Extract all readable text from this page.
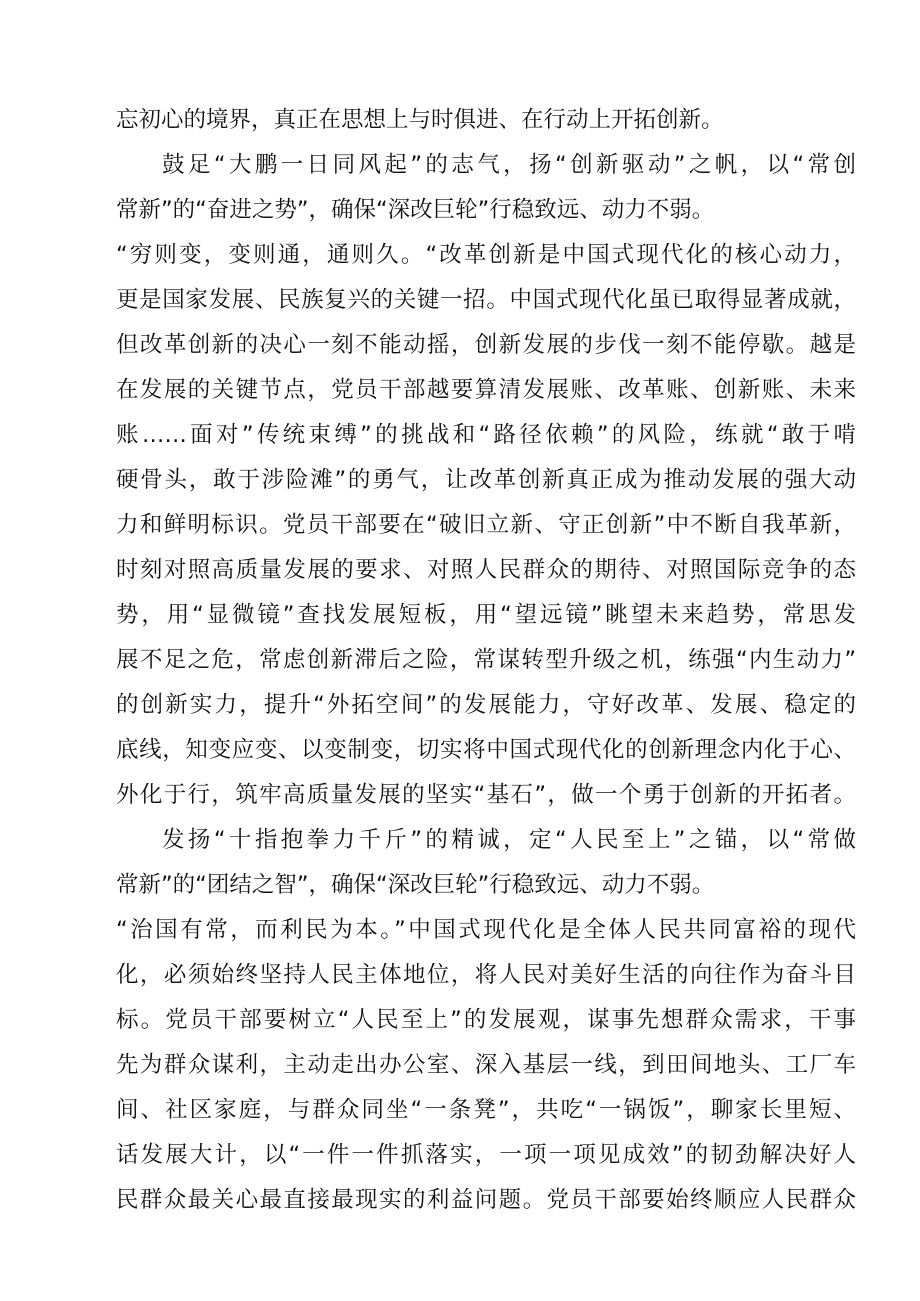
忘初心的境界，真正在思想上与时俱进、在行动上开拓创新。
鼓足“大鹏一日同风起”的志气，扬“创新驱动”之帆，以“常创
常新”的“奋进之势”，确保“深改巨轮”行稳致远、动力不弱。
“穷则变，变则通，通则久。“改革创新是中国式现代化的核心动力，
更是国家发展、民族复兴的关键一招。中国式现代化虽已取得显著成就，
但改革创新的决心一刻不能动摇，创新发展的步伐一刻不能停歇。越是
在发展的关键节点，党员干部越要算清发展账、改革账、创新账、未来
账……面对”传统束缚”的挑战和“路径依赖”的风险，练就“敢于啃
硬骨头，敢于涉险滩”的勇气，让改革创新真正成为推动发展的强大动
力和鲜明标识。党员干部要在“破旧立新、守正创新”中不断自我革新，
时刻对照高质量发展的要求、对照人民群众的期待、对照国际竞争的态
势，用“显微镜”查找发展短板，用“望远镜”眺望未来趋势，常思发
展不足之危，常虑创新滞后之险，常谋转型升级之机，练强“内生动力”
的创新实力，提升“外拓空间”的发展能力，守好改革、发展、稳定的
底线，知变应变、以变制变，切实将中国式现代化的创新理念内化于心、
外化于行，筑牢高质量发展的坚实“基石”，做一个勇于创新的开拓者。
发扬“十指抱拳力千斤”的精诚，定“人民至上”之锚，以“常做
常新”的“团结之智”，确保“深改巨轮”行稳致远、动力不弱。
“治国有常，而利民为本。”中国式现代化是全体人民共同富裕的现代
化，必须始终坚持人民主体地位，将人民对美好生活的向往作为奋斗目
标。党员干部要树立“人民至上”的发展观，谋事先想群众需求，干事
先为群众谋利，主动走出办公室、深入基层一线，到田间地头、工厂车
间、社区家庭，与群众同坐“一条凳”，共吃“一锅饭”，聊家长里短、
话发展大计，以“一件一件抓落实，一项一项见成效”的韧劲解决好人
民群众最关心最直接最现实的利益问题。党员干部要始终顺应人民群众
